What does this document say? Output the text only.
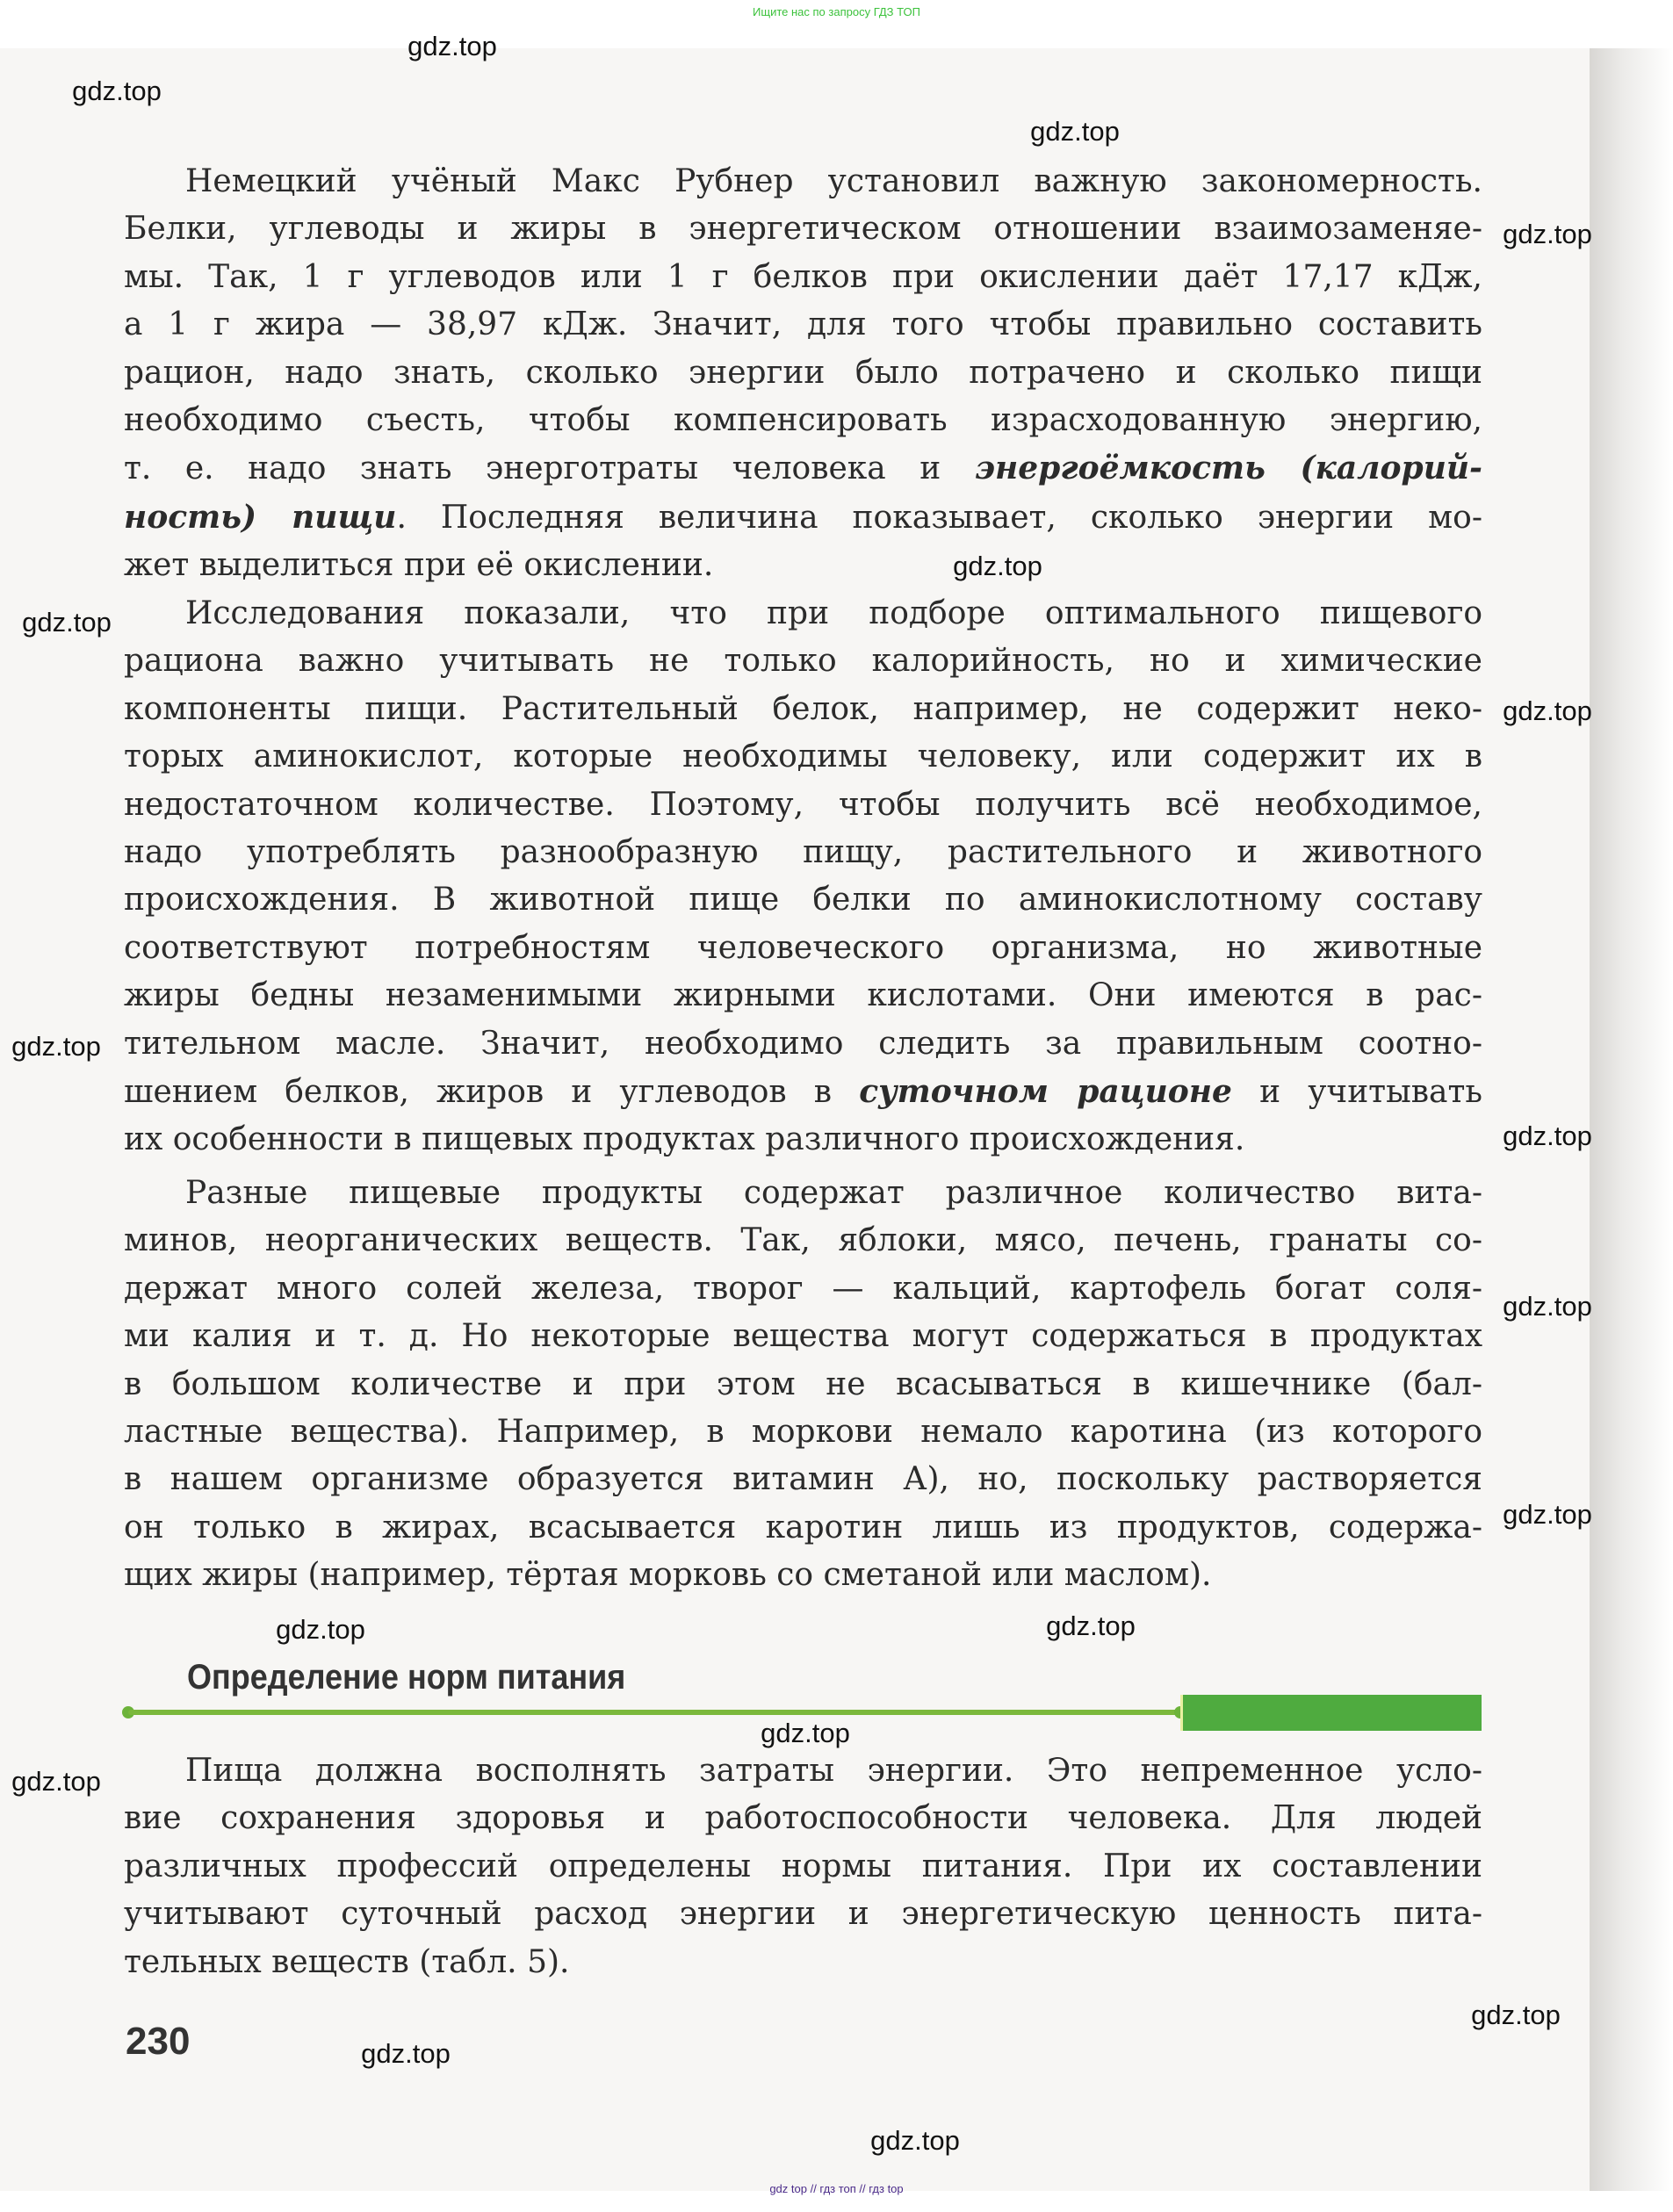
Ищите нас по запросу ГДЗ ТОП
Немецкий учёный Макс Рубнер установил важную закономерность.
Белки, углеводы и жиры в энергетическом отношении взаимозаменяе-
мы. Так, 1 г углеводов или 1 г белков при окислении даёт 17,17 кДж,
а 1 г жира — 38,97 кДж. Значит, для того чтобы правильно составить
рацион, надо знать, сколько энергии было потрачено и сколько пищи
необходимо съесть, чтобы компенсировать израсходованную энергию,
т. е. надо знать энерготраты человека и энергоёмкость (калорий-
ность) пищи. Последняя величина показывает, сколько энергии мо-
жет выделиться при её окислении.
Исследования показали, что при подборе оптимального пищевого
рациона важно учитывать не только калорийность, но и химические
компоненты пищи. Растительный белок, например, не содержит неко-
торых аминокислот, которые необходимы человеку, или содержит их в
недостаточном количестве. Поэтому, чтобы получить всё необходимое,
надо употреблять разнообразную пищу, растительного и животного
происхождения. В животной пище белки по аминокислотному составу
соответствуют потребностям человеческого организма, но животные
жиры бедны незаменимыми жирными кислотами. Они имеются в рас-
тительном масле. Значит, необходимо следить за правильным соотно-
шением белков, жиров и углеводов в суточном рационе и учитывать
их особенности в пищевых продуктах различного происхождения.
Разные пищевые продукты содержат различное количество вита-
минов, неорганических веществ. Так, яблоки, мясо, печень, гранаты со-
держат много солей железа, творог — кальций, картофель богат соля-
ми калия и т. д. Но некоторые вещества могут содержаться в продуктах
в большом количестве и при этом не всасываться в кишечнике (бал-
ластные вещества). Например, в моркови немало каротина (из которого
в нашем организме образуется витамин А), но, поскольку растворяется
он только в жирах, всасывается каротин лишь из продуктов, содержа-
щих жиры (например, тёртая морковь со сметаной или маслом).
Пища должна восполнять затраты энергии. Это непременное усло-
вие сохранения здоровья и работоспособности человека. Для людей
различных профессий определены нормы питания. При их составлении
учитывают суточный расход энергии и энергетическую ценность пита-
тельных веществ (табл. 5).
Определение норм питания
230
gdz.top
gdz.top
gdz.top
gdz.top
gdz.top
gdz.top
gdz.top
gdz.top
gdz.top
gdz.top
gdz.top
gdz.top
gdz.top
gdz.top
gdz.top
gdz.top
gdz.top
gdz.top
gdz top // гдз топ // гдз top
